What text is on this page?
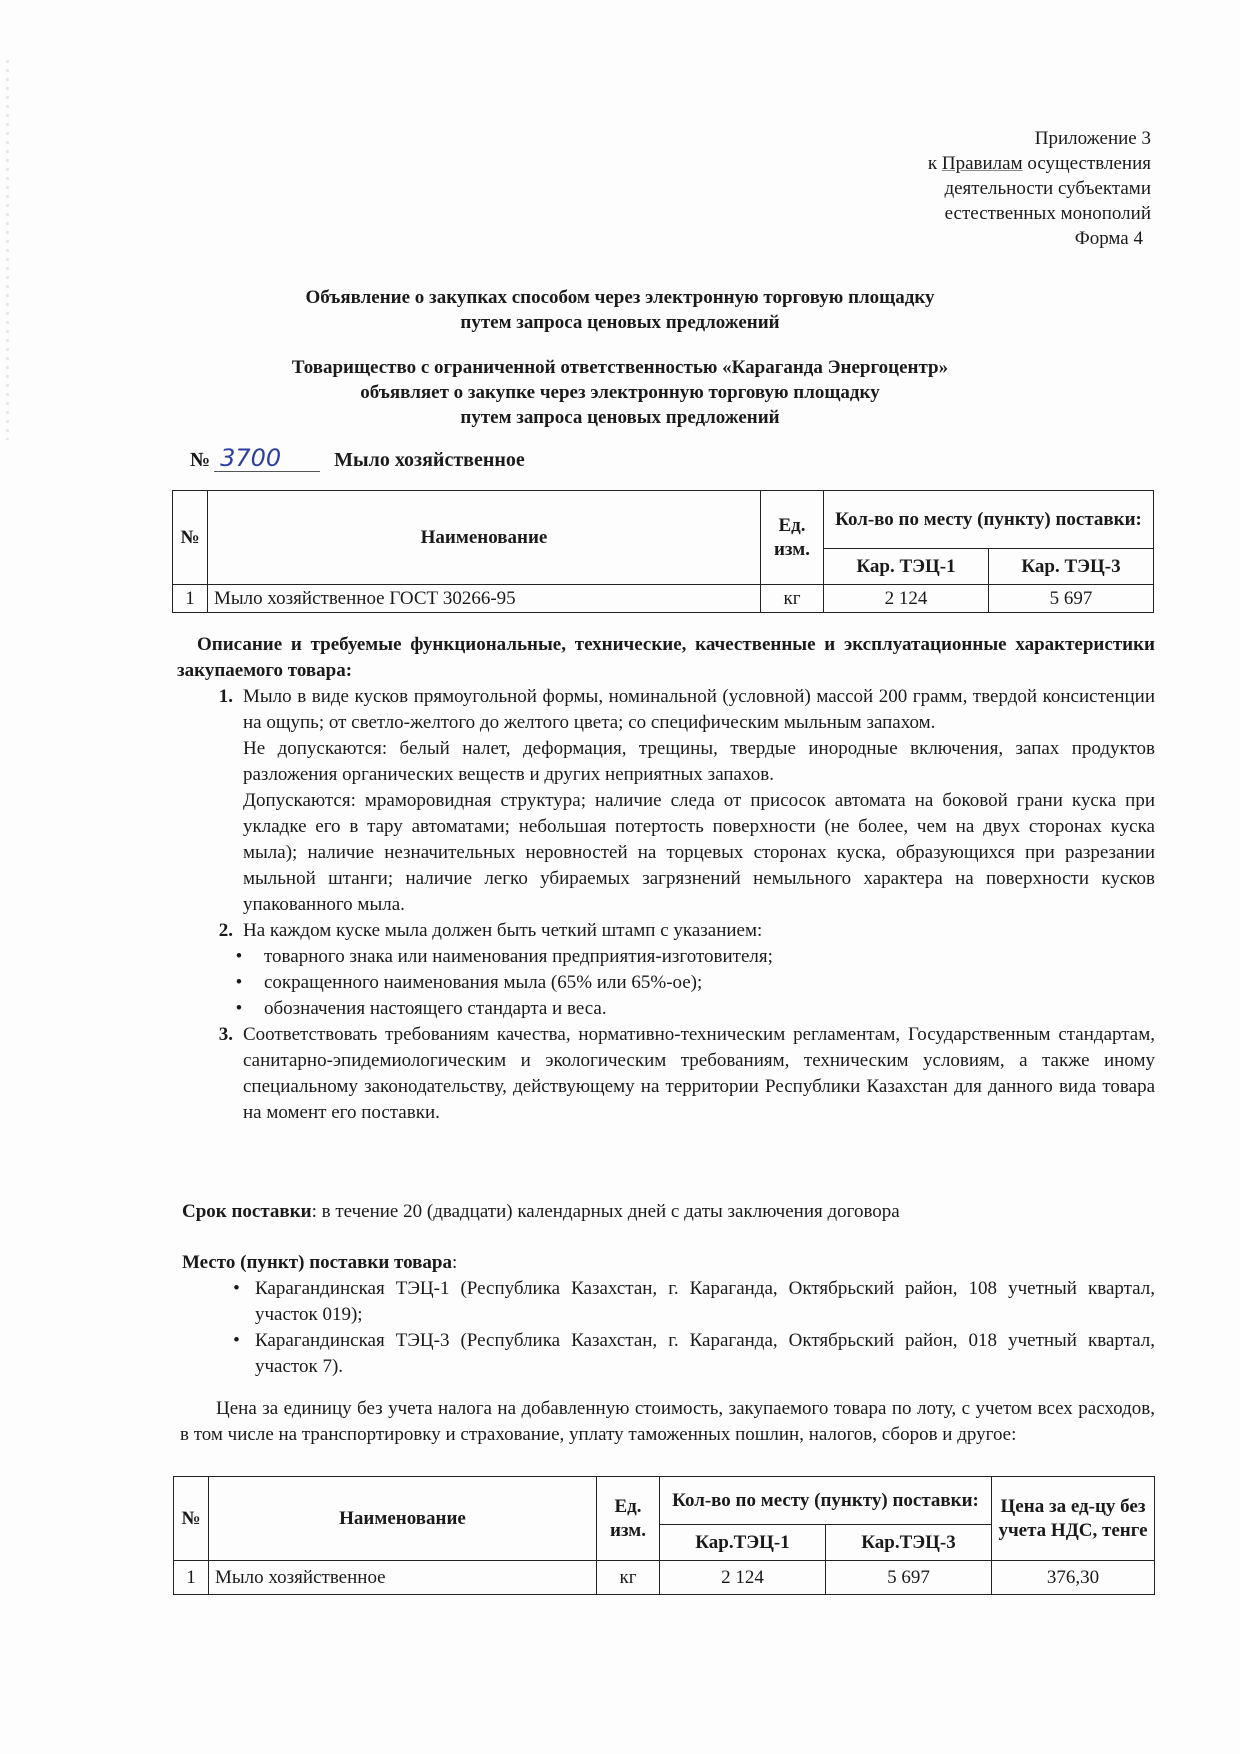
Приложение 3
к Правилам осуществления
деятельности субъектами
естественных монополий
Форма 4
Объявление о закупках способом через электронную торговую площадку
путем запроса ценовых предложений
Товарищество с ограниченной ответственностью «Караганда Энергоцентр»
объявляет о закупке через электронную торговую площадку
путем запроса ценовых предложений
№ 3700	Мыло хозяйственное
№	Наименование	Ед. изм.	Кол-во по месту (пункту) поставки:	
			Кар. ТЭЦ-1	Кар. ТЭЦ-3
1	Мыло хозяйственное ГОСТ 30266-95	кг	2 124	5 697
Описание и требуемые функциональные, технические, качественные и эксплуатационные характеристики закупаемого товара:
1. Мыло в виде кусков прямоугольной формы, номинальной (условной) массой 200 грамм, твердой консистенции на ощупь; от светло-желтого до желтого цвета; со специфическим мыльным запахом.
Не допускаются: белый налет, деформация, трещины, твердые инородные включения, запах продуктов разложения органических веществ и других неприятных запахов.
Допускаются: мраморовидная структура; наличие следа от присосок автомата на боковой грани куска при укладке его в тару автоматами; небольшая потертость поверхности (не более, чем на двух сторонах куска мыла); наличие незначительных неровностей на торцевых сторонах куска, образующихся при разрезании мыльной штанги; наличие легко убираемых загрязнений немыльного характера на поверхности кусков упакованного мыла.
2. На каждом куске мыла должен быть четкий штамп с указанием:
•	товарного знака или наименования предприятия-изготовителя;
•	сокращенного наименования мыла (65% или 65%-ое);
•	обозначения настоящего стандарта и веса.
3. Соответствовать требованиям качества, нормативно-техническим регламентам, Государственным стандартам, санитарно-эпидемиологическим и экологическим требованиям, техническим условиям, а также иному специальному законодательству, действующему на территории Республики Казахстан для данного вида товара на момент его поставки.
Срок поставки: в течение 20 (двадцати) календарных дней с даты заключения договора
Место (пункт) поставки товара:
• Карагандинская ТЭЦ-1 (Республика Казахстан, г. Караганда, Октябрьский район, 108 учетный квартал, участок 019);
• Карагандинская ТЭЦ-3 (Республика Казахстан, г. Караганда, Октябрьский район, 018 учетный квартал, участок 7).
Цена за единицу без учета налога на добавленную стоимость, закупаемого товара по лоту, с учетом всех расходов, в том числе на транспортировку и страхование, уплату таможенных пошлин, налогов, сборов и другое:
№	Наименование	Ед. изм.	Кол-во по месту (пункту) поставки:		Цена за ед-цу без учета НДС, тенге
			Кар.ТЭЦ-1	Кар.ТЭЦ-3	
1	Мыло хозяйственное	кг	2 124	5 697	376,30
